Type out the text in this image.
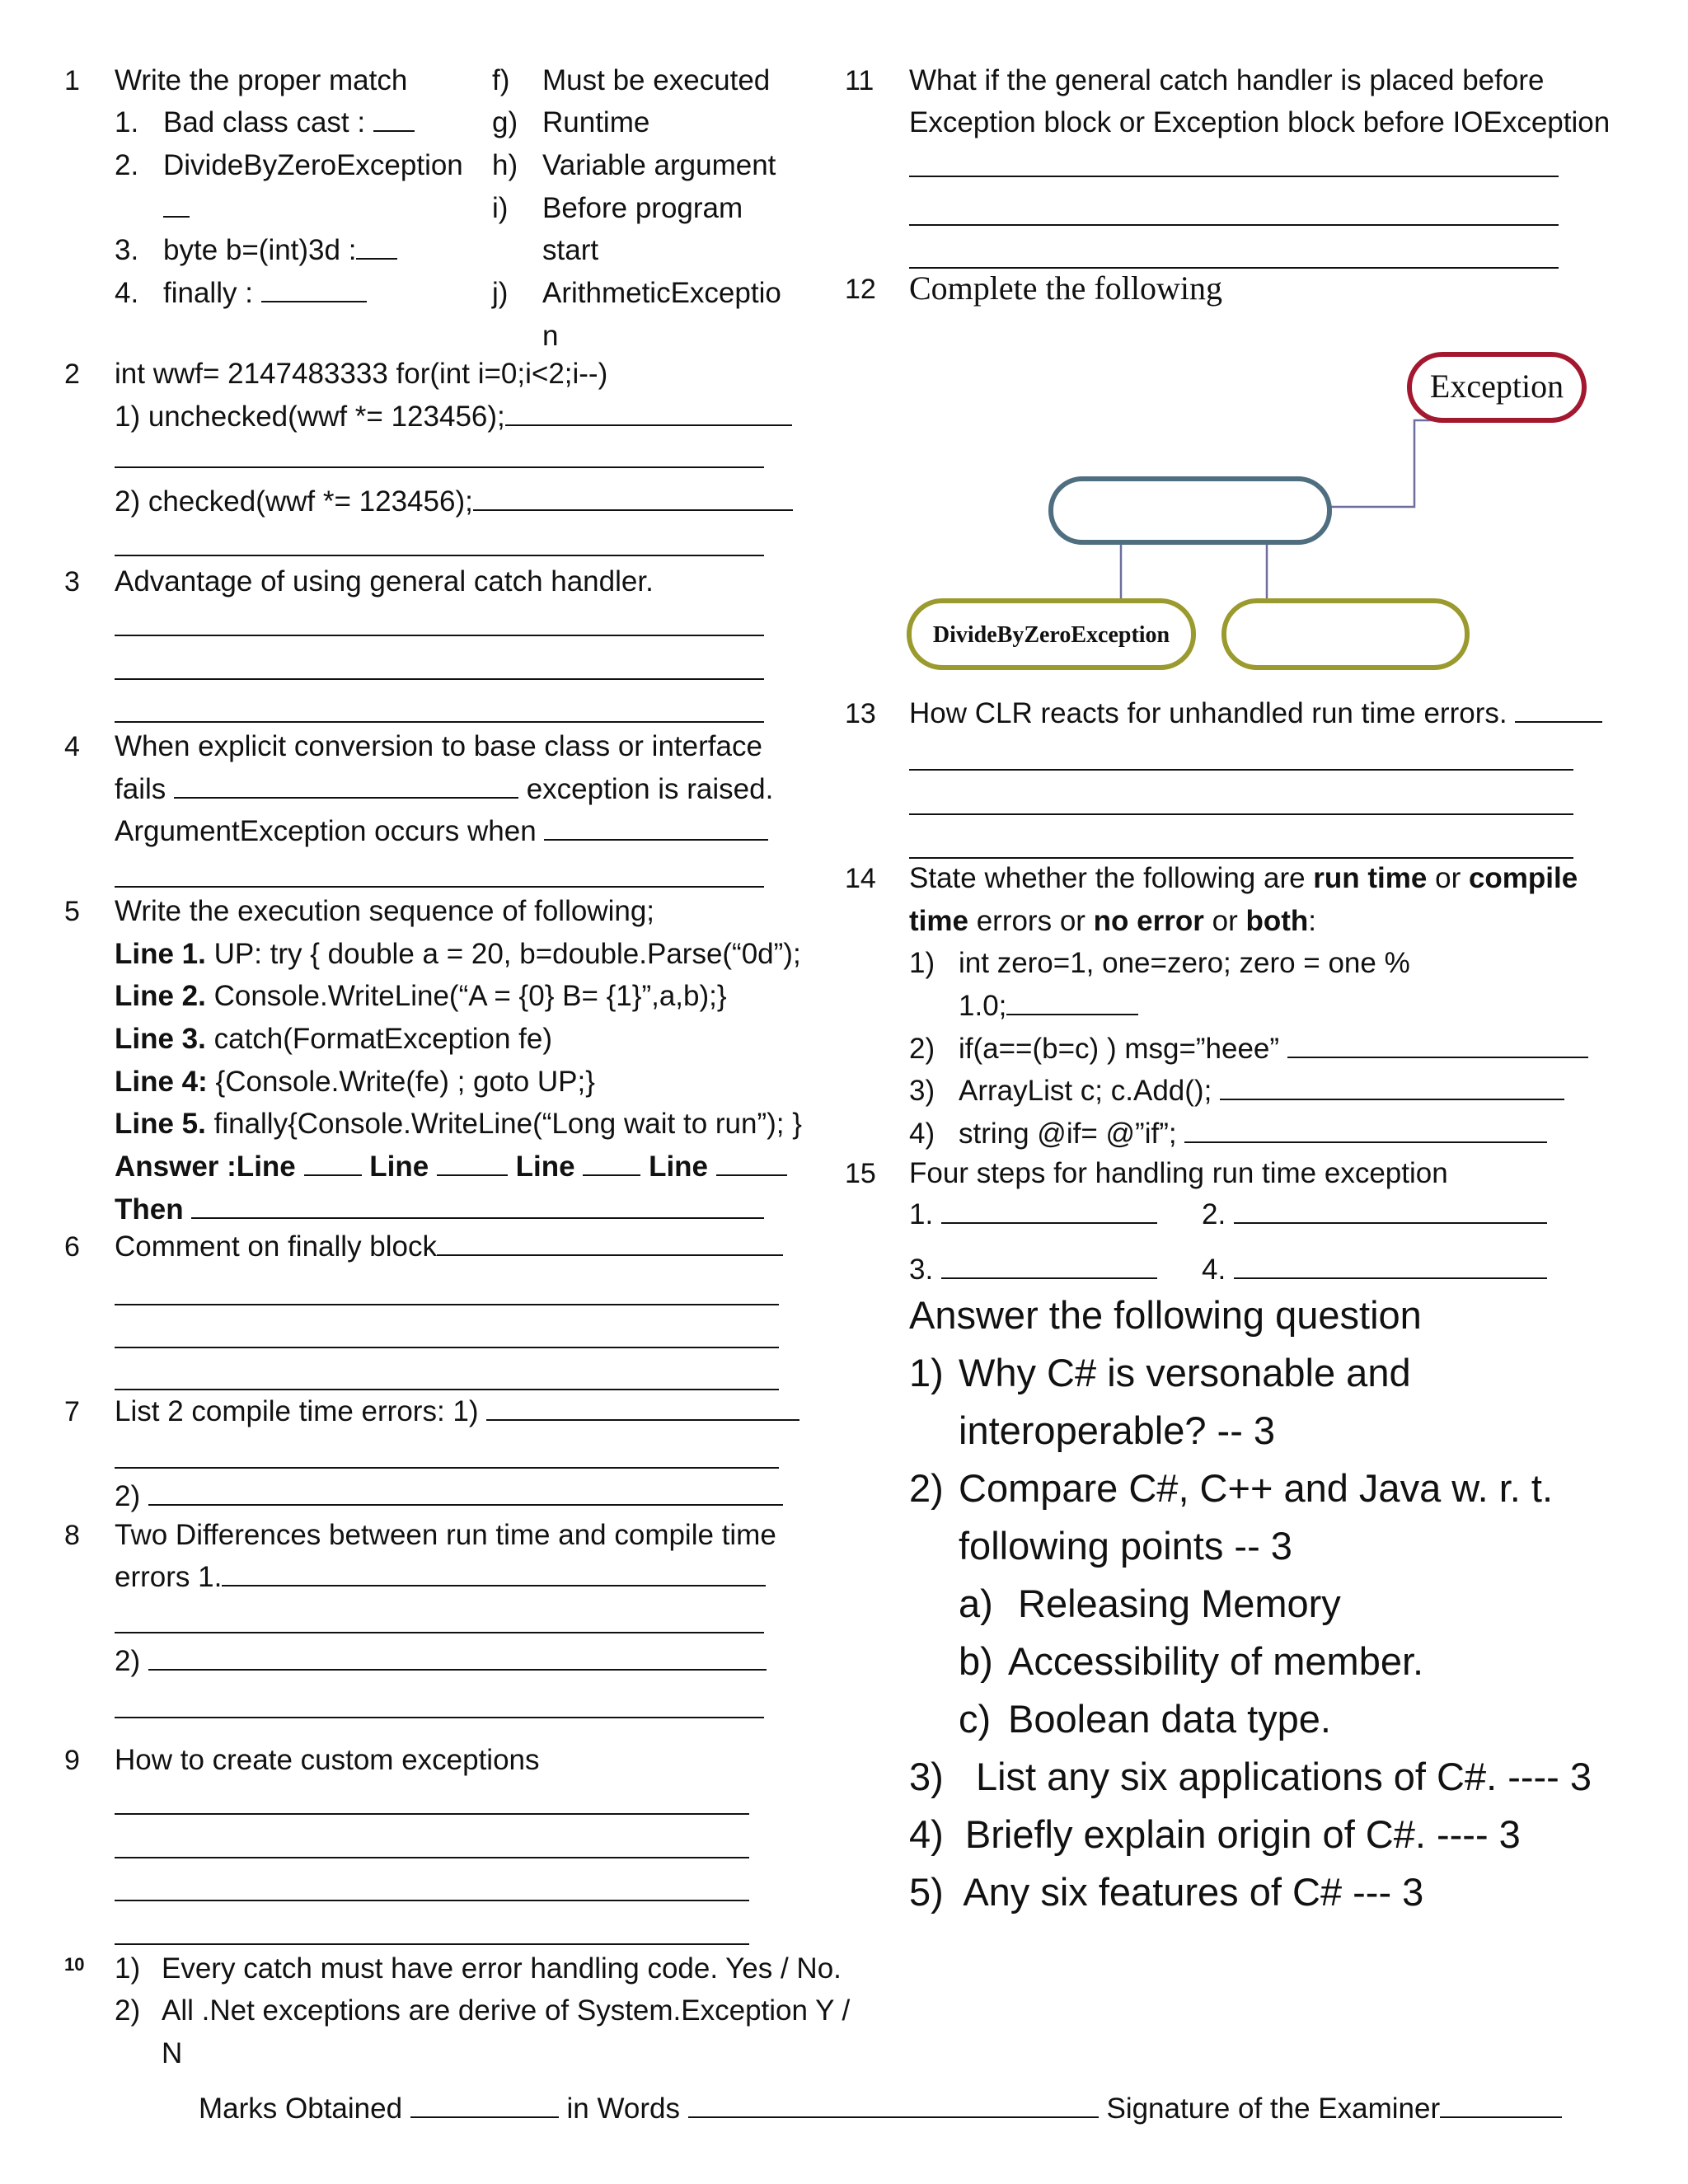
1 Write the proper match
1. Bad class cast :
2. DivideByZeroException
3. byte b=(int)3d :
4. finally :
f) Must be executed
g) Runtime
h) Variable argument
i) Before program
start
j) ArithmeticExceptio
n
2 int wwf= 2147483333 for(int i=0;i<2;i--)
1) unchecked(wwf *= 123456);
2) checked(wwf *= 123456);
3 Advantage of using general catch handler.
4 When explicit conversion to base class or interface
fails	exception is raised.
ArgumentException occurs when
5 Write the execution sequence of following;
Line 1. UP: try { double a = 20, b=double.Parse(“0d”);
Line 2. Console.WriteLine(“A = {0} B= {1}”,a,b);}
Line 3. catch(FormatException fe)
Line 4: {Console.Write(fe) ; goto UP;}
Line 5. finally{Console.WriteLine(“Long wait to run”); }
Answer :Line	Line	Line	Line
Then
6 Comment on finally block
7 List 2 compile time errors: 1)
2)
8 Two Differences between run time and compile time
errors 1.
2)
9 How to create custom exceptions
10 1) Every catch must have error handling code. Yes / No.
2) All .Net exceptions are derive of System.Exception Y /
N
11 What if the general catch handler is placed before
Exception block or Exception block before IOException
12 Complete the following
Exception
DivideByZeroException
13 How CLR reacts for unhandled run time errors.
14 State whether the following are run time or compile
time errors or no error or both:
1) int zero=1, one=zero; zero = one %
1.0;
2) if(a==(b=c) ) msg=”heee”
3) ArrayList c; c.Add();
4) string @if= @”if”;
15 Four steps for handling run time exception
1.	2.
3.	4.
Answer the following question
1) Why C# is versonable and
interoperable? -- 3
2) Compare C#, C++ and Java w. r. t.
following points -- 3
a) Releasing Memory
b) Accessibility of member.
c) Boolean data type.
3)   List any six applications of C#. ---- 3
4)  Briefly explain origin of C#. ---- 3
5)  Any six features of C# --- 3
Marks Obtained	in Words	Signature of the Examiner
